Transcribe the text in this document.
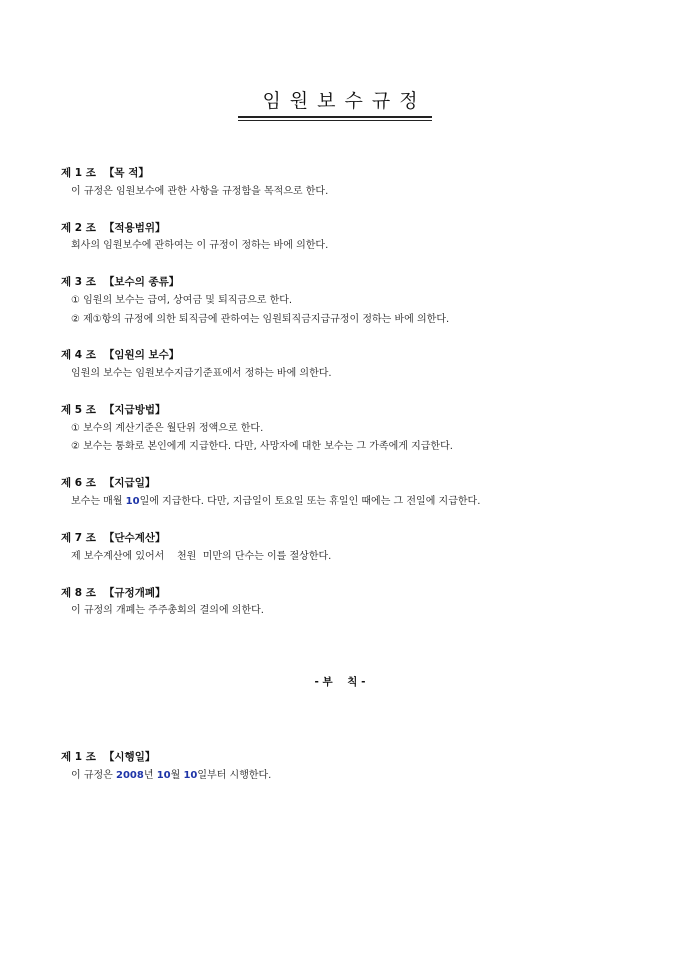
임원보수규정
제 1 조 【목 적】
이 규정은 임원보수에 관한 사항을 규정함을 목적으로 한다.
제 2 조 【적용범위】
회사의 임원보수에 관하여는 이 규정이 정하는 바에 의한다.
제 3 조 【보수의 종류】
① 임원의 보수는 급여, 상여금 및 퇴직금으로 한다.
② 제①항의 규정에 의한 퇴직금에 관하여는 임원퇴직금지급규정이 정하는 바에 의한다.
제 4 조 【임원의 보수】
임원의 보수는 임원보수지급기준표에서 정하는 바에 의한다.
제 5 조 【지급방법】
① 보수의 계산기준은 월단위 정액으로 한다.
② 보수는 통화로 본인에게 지급한다. 다만, 사망자에 대한 보수는 그 가족에게 지급한다.
제 6 조 【지급일】
보수는 매월 10일에 지급한다. 다만, 지급일이 토요일 또는 휴일인 때에는 그 전일에 지급한다.
제 7 조 【단수계산】
제 보수계산에 있어서    천원  미만의 단수는 이를 절상한다.
제 8 조 【규정개폐】
이 규정의 개폐는 주주총회의 결의에 의한다.
- 부    칙 -
제 1 조 【시행일】
이 규정은 2008년 10월 10일부터 시행한다.
